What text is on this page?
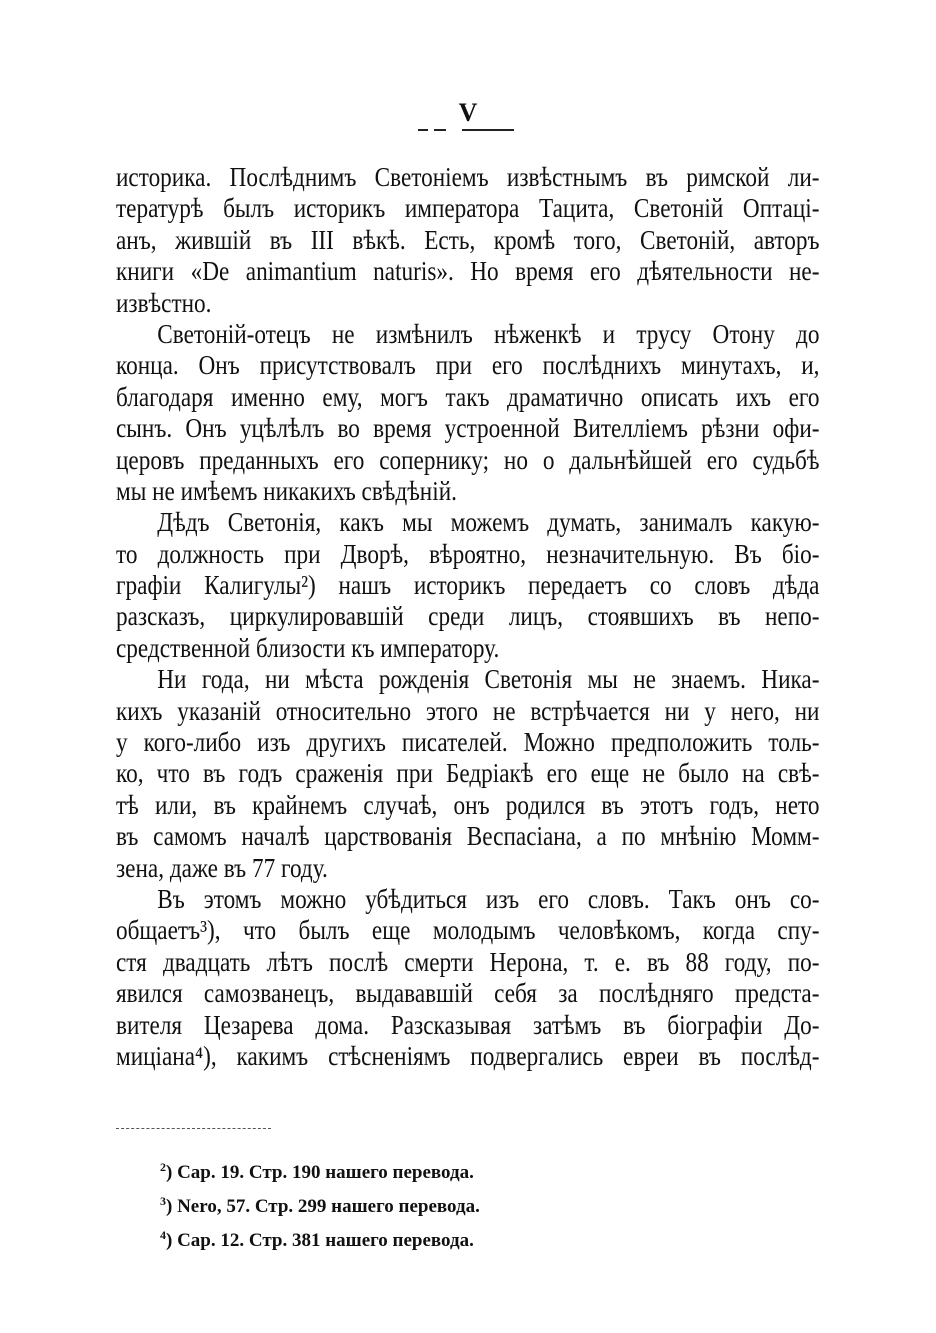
V
историка. Послѣднимъ Светоніемъ извѣстнымъ въ римской ли-
тературѣ былъ историкъ императора Тацита, Светоній Оптаці-
анъ, жившій въ III вѣкѣ. Есть, кромѣ того, Светоній, авторъ
книги «De animantium naturis». Но время его дѣятельности не-
извѣстно.
Светоній-отецъ не измѣнилъ нѣженкѣ и трусу Отону до
конца. Онъ присутствовалъ при его послѣднихъ минутахъ, и,
благодаря именно ему, могъ такъ драматично описать ихъ его
сынъ. Онъ уцѣлѣлъ во время устроенной Вителліемъ рѣзни офи-
церовъ преданныхъ его сопернику; но о дальнѣйшей его судьбѣ
мы не имѣемъ никакихъ свѣдѣній.
Дѣдъ Светонія, какъ мы можемъ думать, занималъ какую-
то должность при Дворѣ, вѣроятно, незначительную. Въ біо-
графіи Калигулы²) нашъ историкъ передаетъ со словъ дѣда
разсказъ, циркулировавшій среди лицъ, стоявшихъ въ непо-
средственной близости къ императору.
Ни года, ни мѣста рожденія Светонія мы не знаемъ. Ника-
кихъ указаній относительно этого не встрѣчается ни у него, ни
у кого-либо изъ другихъ писателей. Можно предположить толь-
ко, что въ годъ сраженія при Бедріакѣ его еще не было на свѣ-
тѣ или, въ крайнемъ случаѣ, онъ родился въ этотъ годъ, нето
въ самомъ началѣ царствованія Веспасіана, а по мнѣнію Момм-
зена, даже въ 77 году.
Въ этомъ можно убѣдиться изъ его словъ. Такъ онъ со-
общаетъ³), что былъ еще молодымъ человѣкомъ, когда спу-
стя двадцать лѣтъ послѣ смерти Нерона, т. е. въ 88 году, по-
явился самозванецъ, выдававшій себя за послѣдняго предста-
вителя Цезарева дома. Разсказывая затѣмъ въ біографіи До-
миціана⁴), какимъ стѣсненіямъ подвергались евреи въ послѣд-
$^2$) Cap. 19. Стр. 190 нашего перевода.
$^3$) Nero, 57. Стр. 299 нашего перевода.
$^4$) Cap. 12. Стр. 381 нашего перевода.
